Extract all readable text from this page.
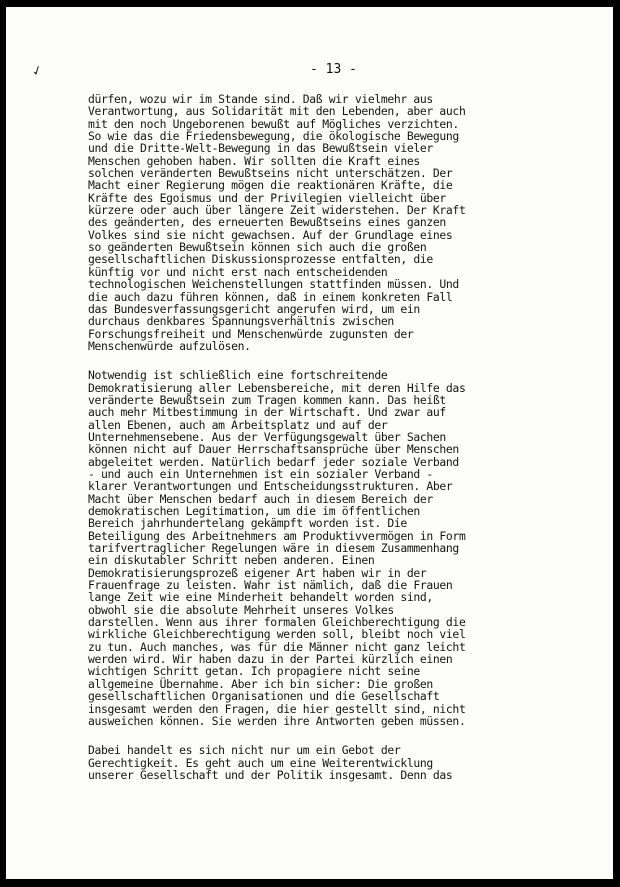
✓	- 13 -
dürfen, wozu wir im Stande sind. Daß wir vielmehr aus
Verantwortung, aus Solidarität mit den Lebenden, aber auch
mit den noch Ungeborenen bewußt auf Mögliches verzichten.
So wie das die Friedensbewegung, die ökologische Bewegung
und die Dritte-Welt-Bewegung in das Bewußtsein vieler
Menschen gehoben haben. Wir sollten die Kraft eines
solchen veränderten Bewußtseins nicht unterschätzen. Der
Macht einer Regierung mögen die reaktionären Kräfte, die
Kräfte des Egoismus und der Privilegien vielleicht über
kürzere oder auch über längere Zeit widerstehen. Der Kraft
des geänderten, des erneuerten Bewußtseins eines ganzen
Volkes sind sie nicht gewachsen. Auf der Grundlage eines
so geänderten Bewußtsein können sich auch die großen
gesellschaftlichen Diskussionsprozesse entfalten, die
künftig vor und nicht erst nach entscheidenden
technologischen Weichenstellungen stattfinden müssen. Und
die auch dazu führen können, daß in einem konkreten Fall
das Bundesverfassungsgericht angerufen wird, um ein
durchaus denkbares Spannungsverhältnis zwischen
Forschungsfreiheit und Menschenwürde zugunsten der
Menschenwürde aufzulösen.
Notwendig ist schließlich eine fortschreitende
Demokratisierung aller Lebensbereiche, mit deren Hilfe das
veränderte Bewußtsein zum Tragen kommen kann. Das heißt
auch mehr Mitbestimmung in der Wirtschaft. Und zwar auf
allen Ebenen, auch am Arbeitsplatz und auf der
Unternehmensebene. Aus der Verfügungsgewalt über Sachen
können nicht auf Dauer Herrschaftsansprüche über Menschen
abgeleitet werden. Natürlich bedarf jeder soziale Verband
- und auch ein Unternehmen ist ein sozialer Verband -
klarer Verantwortungen und Entscheidungsstrukturen. Aber
Macht über Menschen bedarf auch in diesem Bereich der
demokratischen Legitimation, um die im öffentlichen
Bereich jahrhundertelang gekämpft worden ist. Die
Beteiligung des Arbeitnehmers am Produktivvermögen in Form
tarifvertraglicher Regelungen wäre in diesem Zusammenhang
ein diskutabler Schritt neben anderen. Einen
Demokratisierungsprozeß eigener Art haben wir in der
Frauenfrage zu leisten. Wahr ist nämlich, daß die Frauen
lange Zeit wie eine Minderheit behandelt worden sind,
obwohl sie die absolute Mehrheit unseres Volkes
darstellen. Wenn aus ihrer formalen Gleichberechtigung die
wirkliche Gleichberechtigung werden soll, bleibt noch viel
zu tun. Auch manches, was für die Männer nicht ganz leicht
werden wird. Wir haben dazu in der Partei kürzlich einen
wichtigen Schritt getan. Ich propagiere nicht seine
allgemeine Übernahme. Aber ich bin sicher: Die großen
gesellschaftlichen Organisationen und die Gesellschaft
insgesamt werden den Fragen, die hier gestellt sind, nicht
ausweichen können. Sie werden ihre Antworten geben müssen.
Dabei handelt es sich nicht nur um ein Gebot der
Gerechtigkeit. Es geht auch um eine Weiterentwicklung
unserer Gesellschaft und der Politik insgesamt. Denn das
